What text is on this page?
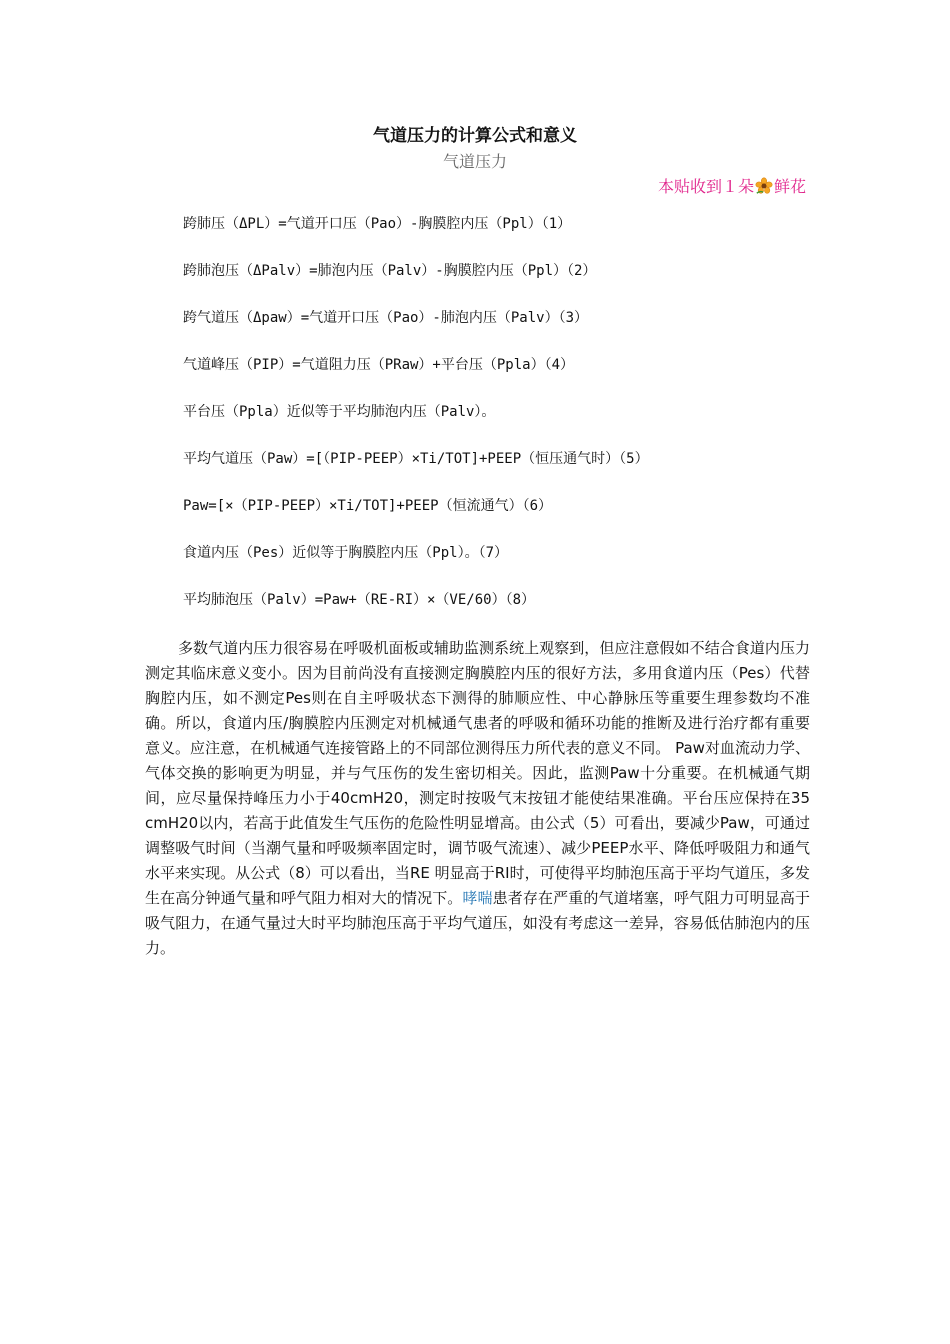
气道压力的计算公式和意义
气道压力
本贴收到１朵 鲜花
跨肺压（ΔPL）=气道开口压（Pao）-胸膜腔内压（Ppl）（1）
跨肺泡压（ΔPalv）=肺泡内压（Palv）-胸膜腔内压（Ppl）（2）
跨气道压（Δpaw）=气道开口压（Pao）-肺泡内压（Palv）（3）
气道峰压（PIP）=气道阻力压（PRaw）+平台压（Ppla）（4）
平台压（Ppla）近似等于平均肺泡内压（Palv）。
平均气道压（Paw）=[（PIP-PEEP）×Ti/TOT]+PEEP（恒压通气时）（5）
Paw=[×（PIP-PEEP）×Ti/TOT]+PEEP（恒流通气）（6）
食道内压（Pes）近似等于胸膜腔内压（Ppl）。（7）
平均肺泡压（Palv）=Paw+（RE-RI）×（VE/60）（8）

多数气道内压力很容易在呼吸机面板或辅助监测系统上观察到，但应注意假如不结合食道内压力测定其临床意义变小。因为目前尚没有直接测定胸膜腔内压的很好方法，多用食道内压（Pes）代替胸腔内压，如不测定Pes则在自主呼吸状态下测得的肺顺应性、中心静脉压等重要生理参数均不准确。所以，食道内压/胸膜腔内压测定对机械通气患者的呼吸和循环功能的推断及进行治疗都有重要意义。应注意，在机械通气连接管路上的不同部位测得压力所代表的意义不同。 Paw对血流动力学、气体交换的影响更为明显，并与气压伤的发生密切相关。因此，监测Paw十分重要。在机械通气期间，应尽量保持峰压力小于40cmH20，测定时按吸气末按钮才能使结果准确。平台压应保持在35 cmH20以内，若高于此值发生气压伤的危险性明显增高。由公式（5）可看出，要减少Paw，可通过调整吸气时间（当潮气量和呼吸频率固定时，调节吸气流速）、减少PEEP水平、降低呼吸阻力和通气水平来实现。从公式（8）可以看出，当RE 明显高于RI时，可使得平均肺泡压高于平均气道压，多发生在高分钟通气量和呼气阻力相对大的情况下。哮喘患者存在严重的气道堵塞，呼气阻力可明显高于吸气阻力，在通气量过大时平均肺泡压高于平均气道压，如没有考虑这一差异，容易低估肺泡内的压力。
